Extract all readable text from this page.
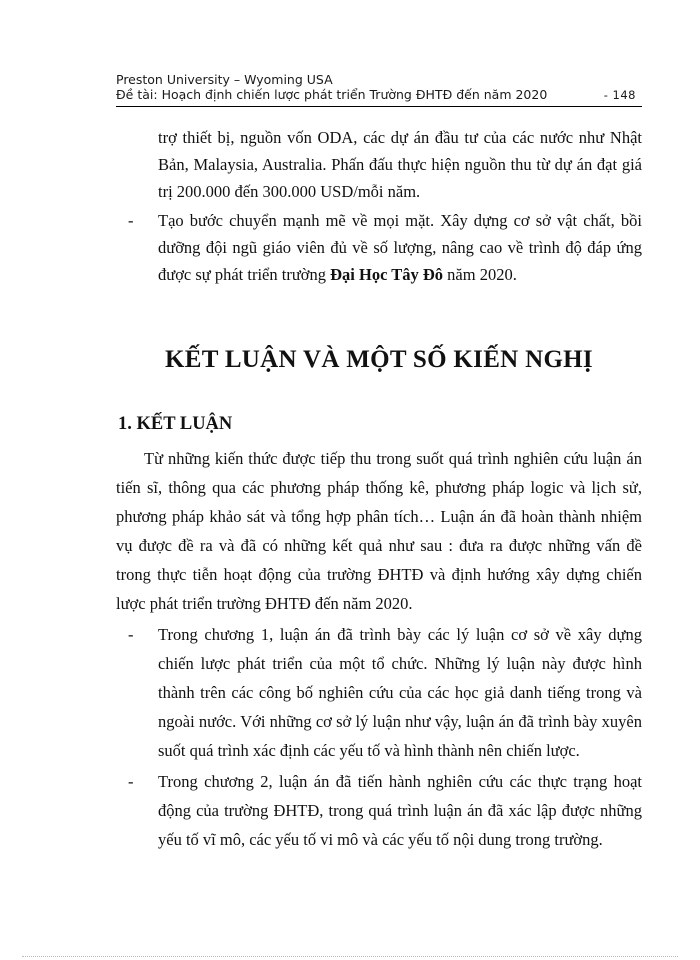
Preston University – Wyoming USA
Đề tài: Hoạch định chiến lược phát triển Trường ĐHTĐ đến năm 2020	- 148

trợ thiết bị, nguồn vốn ODA, các dự án đầu tư của các nước như Nhật Bản, Malaysia, Australia. Phấn đấu thực hiện nguồn thu từ dự án đạt giá trị 200.000 đến 300.000 USD/mỗi năm.

- Tạo bước chuyển mạnh mẽ về mọi mặt. Xây dựng cơ sở vật chất, bồi dưỡng đội ngũ giáo viên đủ về số lượng, nâng cao về trình độ đáp ứng được sự phát triển trường Đại Học Tây Đô năm 2020.

KẾT LUẬN VÀ MỘT SỐ KIẾN NGHỊ
1. KẾT LUẬN

Từ những kiến thức được tiếp thu trong suốt quá trình nghiên cứu luận án tiến sĩ, thông qua các phương pháp thống kê, phương pháp logic và lịch sử, phương pháp khảo sát và tổng hợp phân tích… Luận án đã hoàn thành nhiệm vụ được đề ra và đã có những kết quả như sau : đưa ra được những vấn đề trong thực tiễn hoạt động của trường ĐHTĐ và định hướng xây dựng chiến lược phát triển trường ĐHTĐ đến năm 2020.

- Trong chương 1, luận án đã trình bày các lý luận cơ sở về xây dựng chiến lược phát triển của một tổ chức. Những lý luận này được hình thành trên các công bố nghiên cứu của các học giả danh tiếng trong và ngoài nước. Với những cơ sở lý luận như vậy, luận án đã trình bày xuyên suốt quá trình xác định các yếu tố và hình thành nên chiến lược.

- Trong chương 2, luận án đã tiến hành nghiên cứu các thực trạng hoạt động của trường ĐHTĐ, trong quá trình luận án đã xác lập được những yếu tố vĩ mô, các yếu tố vi mô và các yếu tố nội dung trong trường.
